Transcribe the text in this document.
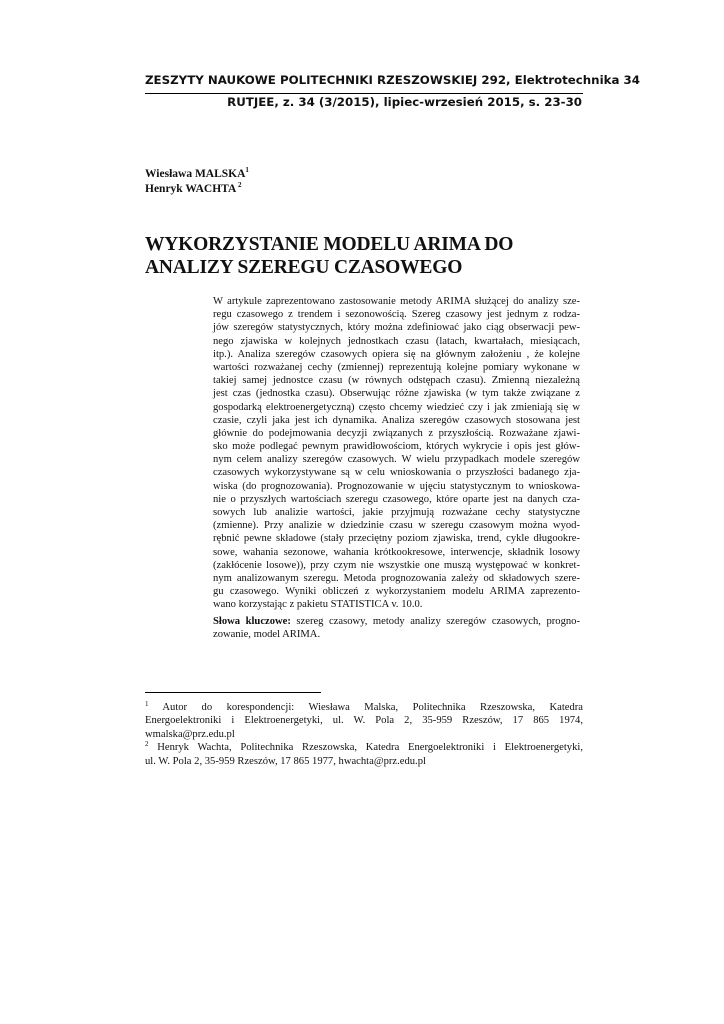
ZESZYTY NAUKOWE POLITECHNIKI RZESZOWSKIEJ 292, Elektrotechnika 34
RUTJEE, z. 34 (3/2015), lipiec-wrzesień 2015, s. 23-30
Wiesława MALSKA$^1$
Henryk WACHTA $^2$
WYKORZYSTANIE MODELU ARIMA DO
ANALIZY SZEREGU CZASOWEGO
W artykule zaprezentowano zastosowanie metody ARIMA służącej do analizy sze-
regu czasowego z trendem i sezonowością. Szereg czasowy jest jednym z rodza-
jów szeregów statystycznych, który można zdefiniować jako ciąg obserwacji pew-
nego zjawiska w kolejnych jednostkach czasu (latach, kwartałach, miesiącach,
itp.). Analiza szeregów czasowych opiera się na głównym założeniu , że kolejne
wartości rozważanej cechy (zmiennej) reprezentują kolejne pomiary wykonane w
takiej samej jednostce czasu (w równych odstępach czasu). Zmienną niezależną
jest czas (jednostka czasu). Obserwując różne zjawiska (w tym także związane z
gospodarką elektroenergetyczną) często chcemy wiedzieć czy i jak zmieniają się w
czasie, czyli jaka jest ich dynamika. Analiza szeregów czasowych stosowana jest
głównie do podejmowania decyzji związanych z przyszłością. Rozważane zjawi-
sko może podlegać pewnym prawidłowościom, których wykrycie i opis jest głów-
nym celem analizy szeregów czasowych. W wielu przypadkach modele szeregów
czasowych wykorzystywane są w celu wnioskowania o przyszłości badanego zja-
wiska (do prognozowania). Prognozowanie w ujęciu statystycznym to wnioskowa-
nie o przyszłych wartościach szeregu czasowego, które oparte jest na danych cza-
sowych lub analizie wartości, jakie przyjmują rozważane cechy statystyczne
(zmienne). Przy analizie w dziedzinie czasu w szeregu czasowym można wyod-
rębnić pewne składowe (stały przeciętny poziom zjawiska, trend, cykle długookre-
sowe, wahania sezonowe, wahania krótkookresowe, interwencje, składnik losowy
(zakłócenie losowe)), przy czym nie wszystkie one muszą występować w konkret-
nym analizowanym szeregu. Metoda prognozowania zależy od składowych szere-
gu czasowego. Wyniki obliczeń z wykorzystaniem modelu ARIMA zaprezento-
wano korzystając z pakietu STATISTICA v. 10.0.
Słowa kluczowe: szereg czasowy, metody analizy szeregów czasowych, progno-
zowanie, model ARIMA.
$^1$ Autor do korespondencji: Wiesława Malska, Politechnika Rzeszowska, Katedra
Energoelektroniki i Elektroenergetyki, ul. W. Pola 2, 35-959 Rzeszów, 17 865 1974,
wmalska@prz.edu.pl
$^2$ Henryk Wachta, Politechnika Rzeszowska, Katedra Energoelektroniki i Elektroenergetyki,
ul. W. Pola 2, 35-959 Rzeszów, 17 865 1977, hwachta@prz.edu.pl
